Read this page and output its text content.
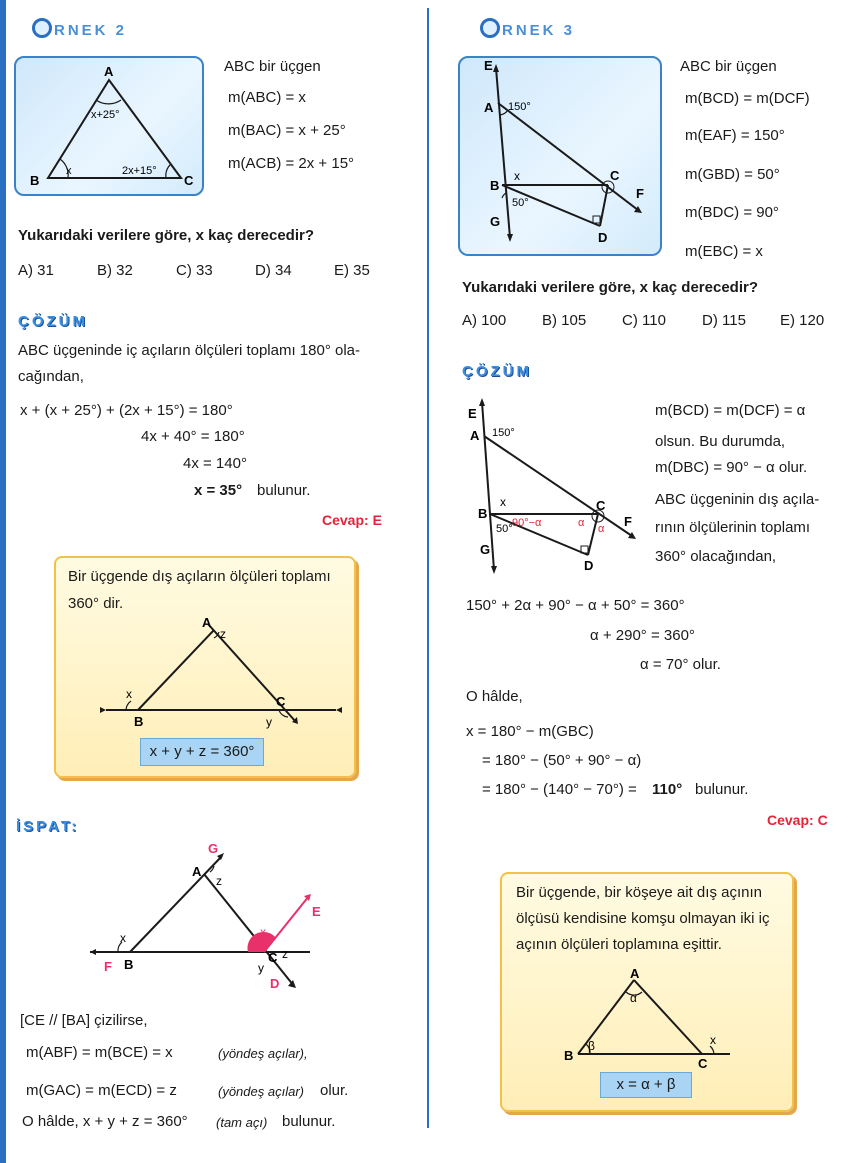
RNEK 2
A
B	C
x+25°
x	2x+15°
ABC bir üçgen
m(ABC) = x
m(BAC) = x + 25°
m(ACB) = 2x + 15°
Yukarıdaki verilere göre, x kaç derecedir?
A) 31	B) 32	C) 33	D) 34	E) 35
ÇÖZÜM
ABC üçgeninde iç açıların ölçüleri toplamı 180° ola-
cağından,
x + (x + 25°) + (2x + 15°) = 180°
4x + 40° = 180°
4x = 140°
x = 35° bulunur.
Cevap: E
Bir üçgende dış açıların ölçüleri toplamı
360° dir.
A
B
C
x
y
z
x + y + z = 360°
İSPAT:
G
A
z
x
B
F
C
x
z
y
E
D
[CE // [BA] çizilirse,
m(ABF) = m(BCE) = x	(yöndeş açılar),
m(GAC) = m(ECD) = z	(yöndeş açılar) olur.
O hâlde, x + y + z = 360° (tam açı) bulunur.
RNEK 3
E
A 150°
x
B
50°
G
C
F
D
ABC bir üçgen
m(BCD) = m(DCF)
m(EAF) = 150°
m(GBD) = 50°
m(BDC) = 90°
m(EBC) = x
Yukarıdaki verilere göre, x kaç derecedir?
A) 100 B) 105 C) 110 D) 115 E) 120
ÇÖZÜM
E
A 150°
x
B
50° 90°−α	α α
G
C
F
D
m(BCD) = m(DCF) = α
olsun. Bu durumda,
m(DBC) = 90° − α olur.
ABC üçgeninin dış açıla-
rının ölçülerinin toplamı
360° olacağından,
150° + 2α + 90° − α + 50° = 360°
α + 290° = 360°
α = 70° olur.
O hâlde,
x = 180° − m(GBC)
= 180° − (50° + 90° − α)
= 180° − (140° − 70°) = 110° bulunur.
Cevap: C
Bir üçgende, bir köşeye ait dış açının
ölçüsü kendisine komşu olmayan iki iç
açının ölçüleri toplamına eşittir.
A
α
B
β
C
x
x = α + β
